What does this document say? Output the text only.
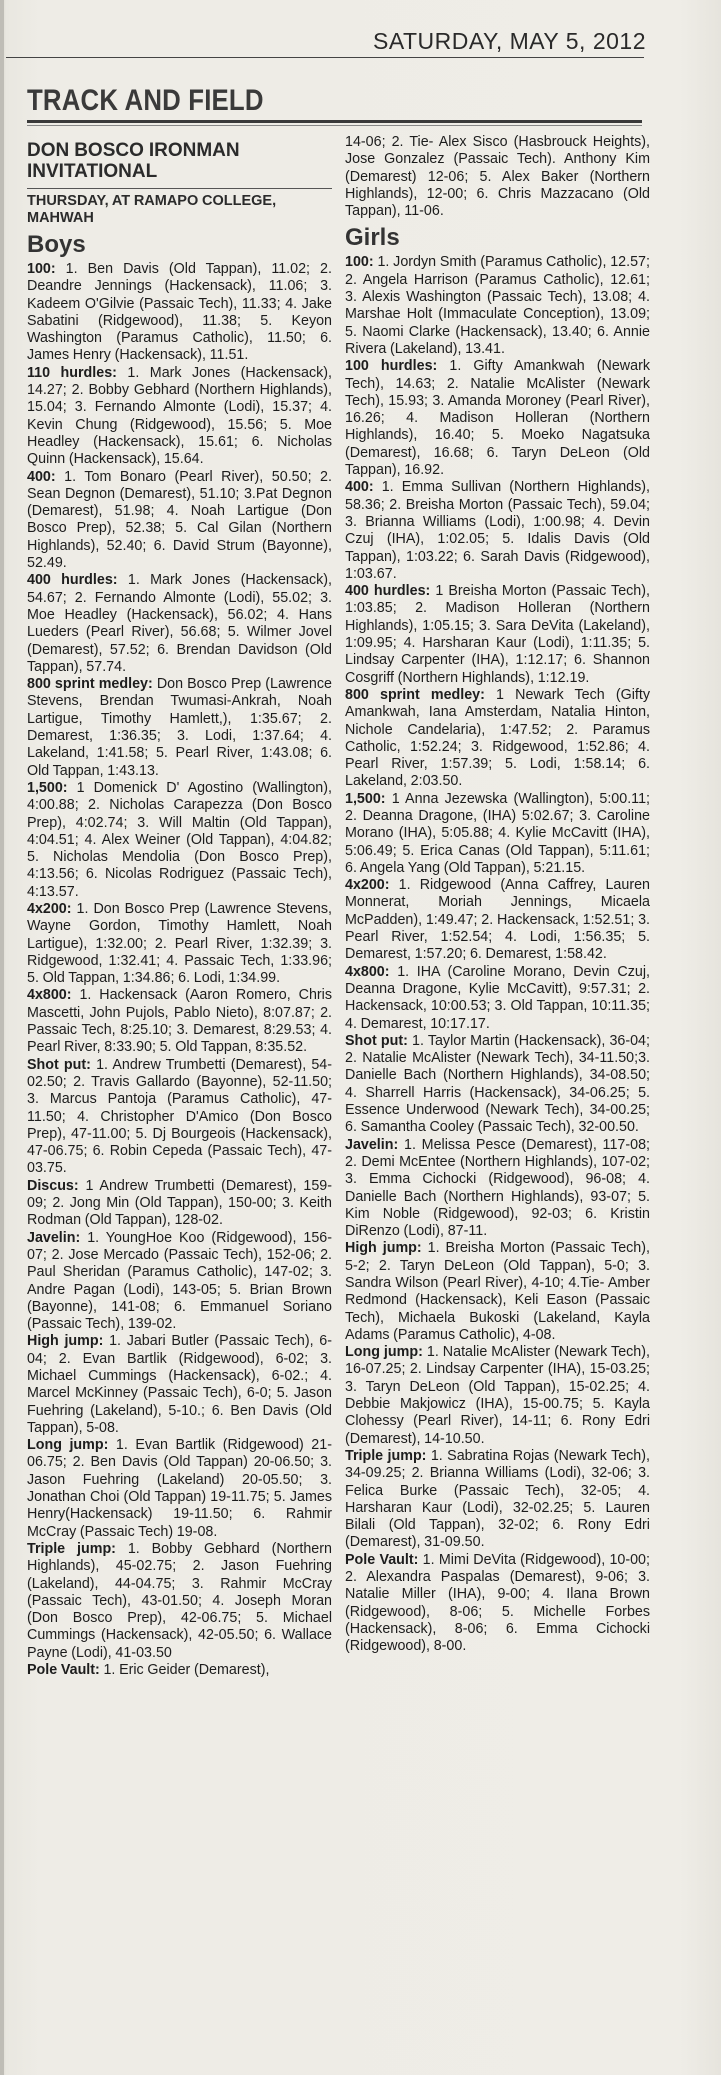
SATURDAY, MAY 5, 2012
TRACK AND FIELD
DON BOSCO IRONMAN INVITATIONAL
THURSDAY, AT RAMAPO COLLEGE, MAHWAH
Boys
100: 1. Ben Davis (Old Tappan), 11.02; 2. Deandre Jennings (Hackensack), 11.06; 3. Kadeem O'Gilvie (Passaic Tech), 11.33; 4. Jake Sabatini (Ridgewood), 11.38; 5. Keyon Washington (Paramus Catholic), 11.50; 6. James Henry (Hackensack), 11.51.
110 hurdles: 1. Mark Jones (Hackensack), 14.27; 2. Bobby Gebhard (Northern Highlands), 15.04; 3. Fernando Almonte (Lodi), 15.37; 4. Kevin Chung (Ridgewood), 15.56; 5. Moe Headley (Hackensack), 15.61; 6. Nicholas Quinn (Hackensack), 15.64.
400: 1. Tom Bonaro (Pearl River), 50.50; 2. Sean Degnon (Demarest), 51.10; 3.Pat Degnon (Demarest), 51.98; 4. Noah Lartigue (Don Bosco Prep), 52.38; 5. Cal Gilan (Northern Highlands), 52.40; 6. David Strum (Bayonne), 52.49.
400 hurdles: 1. Mark Jones (Hackensack), 54.67; 2. Fernando Almonte (Lodi), 55.02; 3. Moe Headley (Hackensack), 56.02; 4. Hans Lueders (Pearl River), 56.68; 5. Wilmer Jovel (Demarest), 57.52; 6. Brendan Davidson (Old Tappan), 57.74.
800 sprint medley: Don Bosco Prep (Lawrence Stevens, Brendan Twumasi-Ankrah, Noah Lartigue, Timothy Hamlett,), 1:35.67; 2. Demarest, 1:36.35; 3. Lodi, 1:37.64; 4. Lakeland, 1:41.58; 5. Pearl River, 1:43.08; 6. Old Tappan, 1:43.13.
1,500: 1 Domenick D' Agostino (Wallington), 4:00.88; 2. Nicholas Carapezza (Don Bosco Prep), 4:02.74; 3. Will Maltin (Old Tappan), 4:04.51; 4. Alex Weiner (Old Tappan), 4:04.82; 5. Nicholas Mendolia (Don Bosco Prep), 4:13.56; 6. Nicolas Rodriguez (Passaic Tech), 4:13.57.
4x200: 1. Don Bosco Prep (Lawrence Stevens, Wayne Gordon, Timothy Hamlett, Noah Lartigue), 1:32.00; 2. Pearl River, 1:32.39; 3. Ridgewood, 1:32.41; 4. Passaic Tech, 1:33.96; 5. Old Tappan, 1:34.86; 6. Lodi, 1:34.99.
4x800: 1. Hackensack (Aaron Romero, Chris Mascetti, John Pujols, Pablo Nieto), 8:07.87; 2. Passaic Tech, 8:25.10; 3. Demarest, 8:29.53; 4. Pearl River, 8:33.90; 5. Old Tappan, 8:35.52.
Shot put: 1. Andrew Trumbetti (Demarest), 54-02.50; 2. Travis Gallardo (Bayonne), 52-11.50; 3. Marcus Pantoja (Paramus Catholic), 47-11.50; 4. Christopher D'Amico (Don Bosco Prep), 47-11.00; 5. Dj Bourgeois (Hackensack), 47-06.75; 6. Robin Cepeda (Passaic Tech), 47-03.75.
Discus: 1 Andrew Trumbetti (Demarest), 159-09; 2. Jong Min (Old Tappan), 150-00; 3. Keith Rodman (Old Tappan), 128-02.
Javelin: 1. YoungHoe Koo (Ridgewood), 156-07; 2. Jose Mercado (Passaic Tech), 152-06; 2. Paul Sheridan (Paramus Catholic), 147-02; 3. Andre Pagan (Lodi), 143-05; 5. Brian Brown (Bayonne), 141-08; 6. Emmanuel Soriano (Passaic Tech), 139-02.
High jump: 1. Jabari Butler (Passaic Tech), 6-04; 2. Evan Bartlik (Ridgewood), 6-02; 3. Michael Cummings (Hackensack), 6-02.; 4. Marcel McKinney (Passaic Tech), 6-0; 5. Jason Fuehring (Lakeland), 5-10.; 6. Ben Davis (Old Tappan), 5-08.
Long jump: 1. Evan Bartlik (Ridgewood) 21-06.75; 2. Ben Davis (Old Tappan) 20-06.50; 3. Jason Fuehring (Lakeland) 20-05.50; 3. Jonathan Choi (Old Tappan) 19-11.75; 5. James Henry(Hackensack) 19-11.50; 6. Rahmir McCray (Passaic Tech) 19-08.
Triple jump: 1. Bobby Gebhard (Northern Highlands), 45-02.75; 2. Jason Fuehring (Lakeland), 44-04.75; 3. Rahmir McCray (Passaic Tech), 43-01.50; 4. Joseph Moran (Don Bosco Prep), 42-06.75; 5. Michael Cummings (Hackensack), 42-05.50; 6. Wallace Payne (Lodi), 41-03.50
Pole Vault: 1. Eric Geider (Demarest),
14-06; 2. Tie- Alex Sisco (Hasbrouck Heights), Jose Gonzalez (Passaic Tech). Anthony Kim (Demarest) 12-06; 5. Alex Baker (Northern Highlands), 12-00; 6. Chris Mazzacano (Old Tappan), 11-06.
Girls
100: 1. Jordyn Smith (Paramus Catholic), 12.57; 2. Angela Harrison (Paramus Catholic), 12.61; 3. Alexis Washington (Passaic Tech), 13.08; 4. Marshae Holt (Immaculate Conception), 13.09; 5. Naomi Clarke (Hackensack), 13.40; 6. Annie Rivera (Lakeland), 13.41.
100 hurdles: 1. Gifty Amankwah (Newark Tech), 14.63; 2. Natalie McAlister (Newark Tech), 15.93; 3. Amanda Moroney (Pearl River), 16.26; 4. Madison Holleran (Northern Highlands), 16.40; 5. Moeko Nagatsuka (Demarest), 16.68; 6. Taryn DeLeon (Old Tappan), 16.92.
400: 1. Emma Sullivan (Northern Highlands), 58.36; 2. Breisha Morton (Passaic Tech), 59.04; 3. Brianna Williams (Lodi), 1:00.98; 4. Devin Czuj (IHA), 1:02.05; 5. Idalis Davis (Old Tappan), 1:03.22; 6. Sarah Davis (Ridgewood), 1:03.67.
400 hurdles: 1 Breisha Morton (Passaic Tech), 1:03.85; 2. Madison Holleran (Northern Highlands), 1:05.15; 3. Sara DeVita (Lakeland), 1:09.95; 4. Harsharan Kaur (Lodi), 1:11.35; 5. Lindsay Carpenter (IHA), 1:12.17; 6. Shannon Cosgriff (Northern Highlands), 1:12.19.
800 sprint medley: 1 Newark Tech (Gifty Amankwah, Iana Amsterdam, Natalia Hinton, Nichole Candelaria), 1:47.52; 2. Paramus Catholic, 1:52.24; 3. Ridgewood, 1:52.86; 4. Pearl River, 1:57.39; 5. Lodi, 1:58.14; 6. Lakeland, 2:03.50.
1,500: 1 Anna Jezewska (Wallington), 5:00.11; 2. Deanna Dragone, (IHA) 5:02.67; 3. Caroline Morano (IHA), 5:05.88; 4. Kylie McCavitt (IHA), 5:06.49; 5. Erica Canas (Old Tappan), 5:11.61; 6. Angela Yang (Old Tappan), 5:21.15.
4x200: 1. Ridgewood (Anna Caffrey, Lauren Monnerat, Moriah Jennings, Micaela McPadden), 1:49.47; 2. Hackensack, 1:52.51; 3. Pearl River, 1:52.54; 4. Lodi, 1:56.35; 5. Demarest, 1:57.20; 6. Demarest, 1:58.42.
4x800: 1. IHA (Caroline Morano, Devin Czuj, Deanna Dragone, Kylie McCavitt), 9:57.31; 2. Hackensack, 10:00.53; 3. Old Tappan, 10:11.35; 4. Demarest, 10:17.17.
Shot put: 1. Taylor Martin (Hackensack), 36-04; 2. Natalie McAlister (Newark Tech), 34-11.50;3. Danielle Bach (Northern Highlands), 34-08.50; 4. Sharrell Harris (Hackensack), 34-06.25; 5. Essence Underwood (Newark Tech), 34-00.25; 6. Samantha Cooley (Passaic Tech), 32-00.50.
Javelin: 1. Melissa Pesce (Demarest), 117-08; 2. Demi McEntee (Northern Highlands), 107-02; 3. Emma Cichocki (Ridgewood), 96-08; 4. Danielle Bach (Northern Highlands), 93-07; 5. Kim Noble (Ridgewood), 92-03; 6. Kristin DiRenzo (Lodi), 87-11.
High jump: 1. Breisha Morton (Passaic Tech), 5-2; 2. Taryn DeLeon (Old Tappan), 5-0; 3. Sandra Wilson (Pearl River), 4-10; 4.Tie- Amber Redmond (Hackensack), Keli Eason (Passaic Tech), Michaela Bukoski (Lakeland, Kayla Adams (Paramus Catholic), 4-08.
Long jump: 1. Natalie McAlister (Newark Tech), 16-07.25; 2. Lindsay Carpenter (IHA), 15-03.25; 3. Taryn DeLeon (Old Tappan), 15-02.25; 4. Debbie Makjowicz (IHA), 15-00.75; 5. Kayla Clohessy (Pearl River), 14-11; 6. Rony Edri (Demarest), 14-10.50.
Triple jump: 1. Sabratina Rojas (Newark Tech), 34-09.25; 2. Brianna Williams (Lodi), 32-06; 3. Felica Burke (Passaic Tech), 32-05; 4. Harsharan Kaur (Lodi), 32-02.25; 5. Lauren Bilali (Old Tappan), 32-02; 6. Rony Edri (Demarest), 31-09.50.
Pole Vault: 1. Mimi DeVita (Ridgewood), 10-00; 2. Alexandra Paspalas (Demarest), 9-06; 3. Natalie Miller (IHA), 9-00; 4. Ilana Brown (Ridgewood), 8-06; 5. Michelle Forbes (Hackensack), 8-06; 6. Emma Cichocki (Ridgewood), 8-00.
